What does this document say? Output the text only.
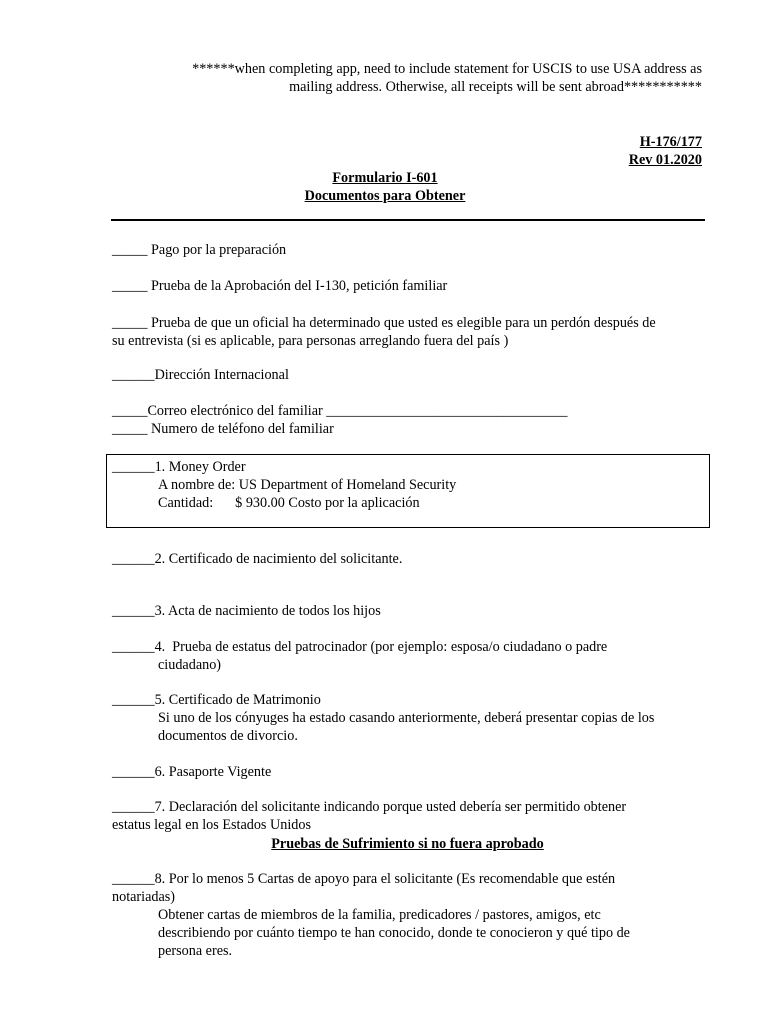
******when completing app, need to include statement for USCIS to use USA address as
mailing address. Otherwise, all receipts will be sent abroad***********
H-176/177
Rev 01.2020
Formulario I-601
Documentos para Obtener
_____ Pago por la preparación
_____ Prueba de la Aprobación del I-130, petición familiar
_____ Prueba de que un oficial ha determinado que usted es elegible para un perdón después de
su entrevista (si es aplicable, para personas arreglando fuera del país )
______Dirección Internacional
_____Correo electrónico del familiar __________________________________
_____ Numero de teléfono del familiar
______1. Money Order
A nombre de: US Department of Homeland Security
Cantidad: $ 930.00 Costo por la aplicación
______2. Certificado de nacimiento del solicitante.
______3. Acta de nacimiento de todos los hijos
______4.  Prueba de estatus del patrocinador (por ejemplo: esposa/o ciudadano o padre
ciudadano)
______5. Certificado de Matrimonio
Si uno de los cónyuges ha estado casando anteriormente, deberá presentar copias de los
documentos de divorcio.
______6. Pasaporte Vigente
______7. Declaración del solicitante indicando porque usted debería ser permitido obtener
estatus legal en los Estados Unidos
Pruebas de Sufrimiento si no fuera aprobado
______8. Por lo menos 5 Cartas de apoyo para el solicitante (Es recomendable que estén
notariadas)
Obtener cartas de miembros de la familia, predicadores / pastores, amigos, etc
describiendo por cuánto tiempo te han conocido, donde te conocieron y qué tipo de
persona eres.
